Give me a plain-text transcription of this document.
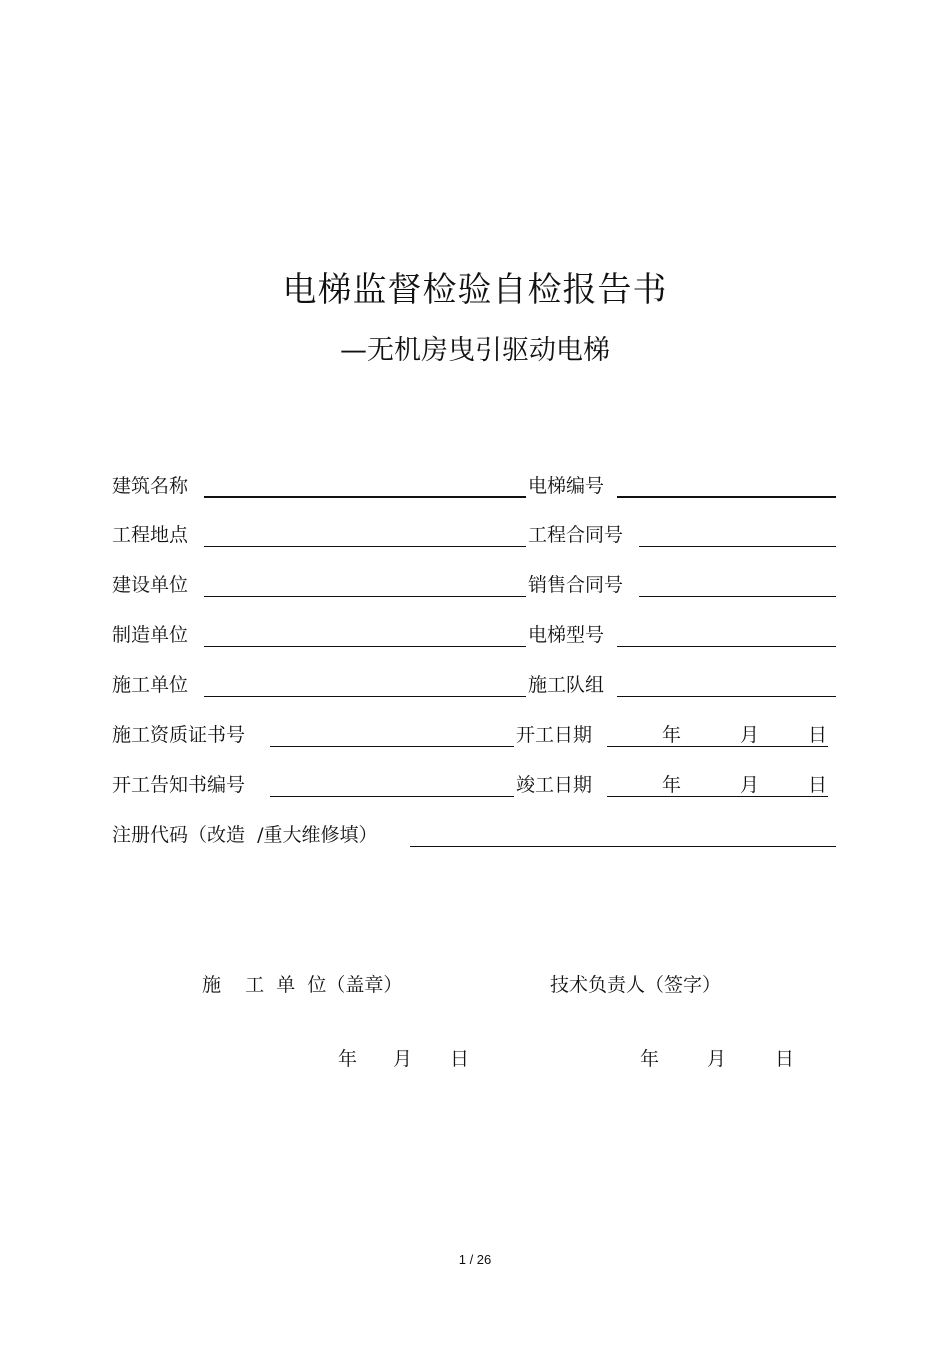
电梯监督检验自检报告书
—无机房曳引驱动电梯
建筑名称	电梯编号
工程地点	工程合同号
建设单位	销售合同号
制造单位	电梯型号
施工单位	施工队组
施工资质证书号	开工日期	年	月	日
开工告知书编号	竣工日期	年	月	日
注册代码（改造  /重大维修填）
施    工  单  位（盖章）	技术负责人（签字）
年 月 日	年	月	日
1 / 26
